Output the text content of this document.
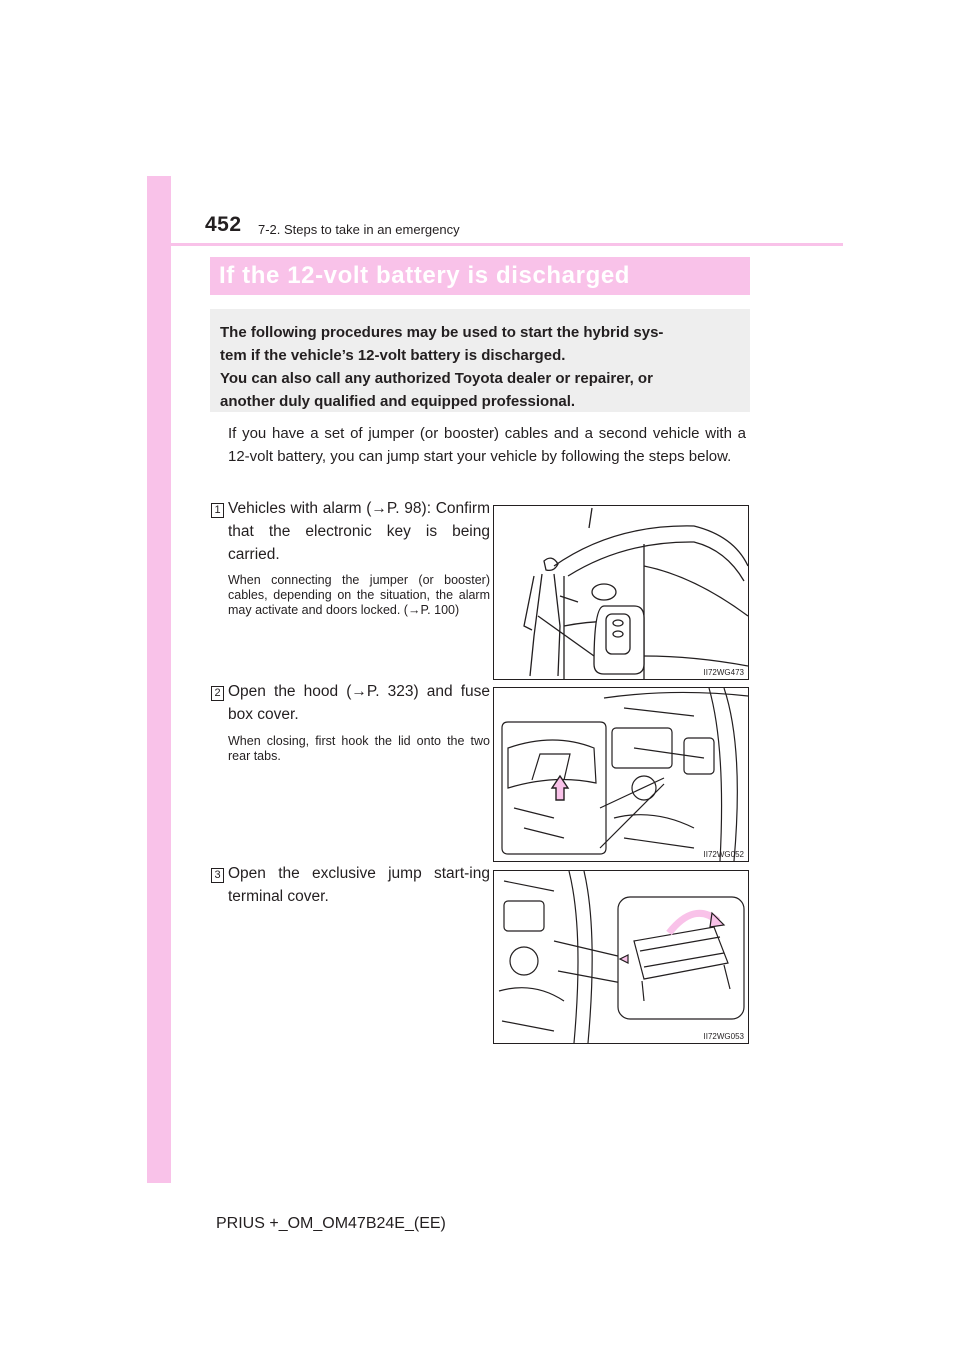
452 7-2. Steps to take in an emergency
If the 12-volt battery is discharged

The following procedures may be used to start the hybrid sys-

tem if the vehicle’s 12-volt battery is discharged.

You can also call any authorized Toyota dealer or repairer, or

another duly qualified and equipped professional.

If you have a set of jumper (or booster) cables and a second vehicle with a 12-volt battery, you can jump start your vehicle by following the steps below.

1 Vehicles with alarm (→P. 98): Confirm that the electronic key is being carried.

When connecting the jumper (or booster) cables, depending on the situation, the alarm may activate and doors locked. (→P. 100)

II72WG473
2 Open the hood (→P. 323) and fuse box cover.

When closing, first hook the lid onto the two rear tabs.

II72WG052
3 Open the exclusive jump start-ing terminal cover.

II72WG053
PRIUS +_OM_OM47B24E_(EE)
